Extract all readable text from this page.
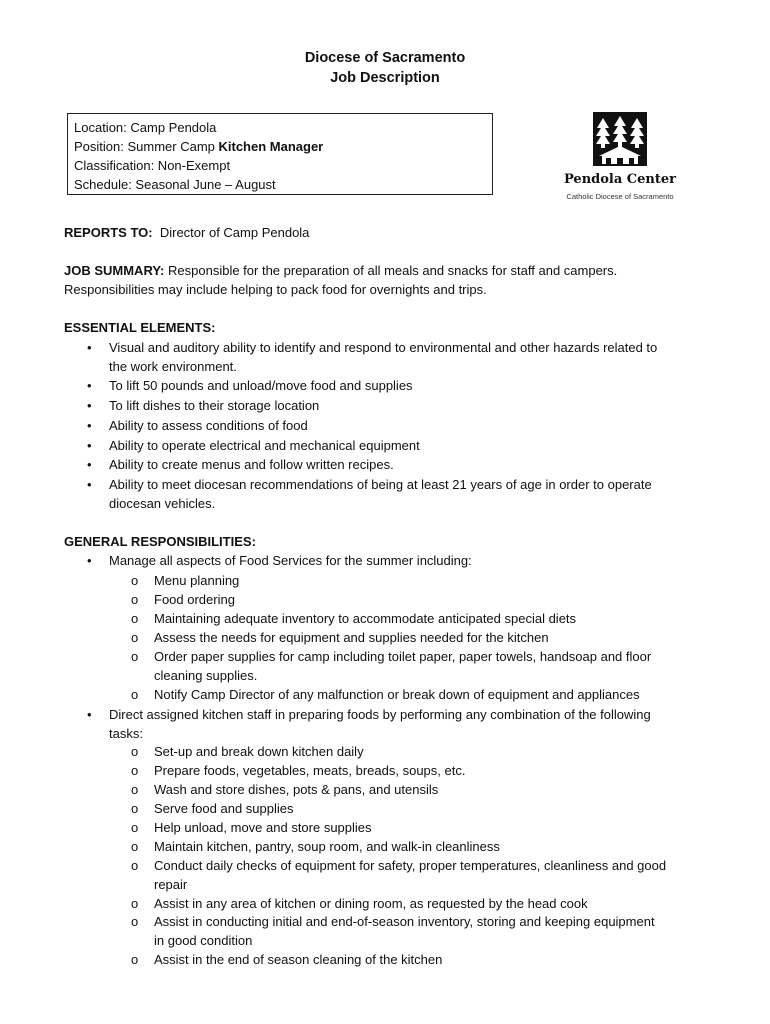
Diocese of Sacramento
Job Description
Location: Camp Pendola
Position: Summer Camp Kitchen Manager
Classification: Non-Exempt
Schedule: Seasonal June – August	Pendola Center
Catholic Diocese of Sacramento
REPORTS TO: Director of Camp Pendola
JOB SUMMARY: Responsible for the preparation of all meals and snacks for staff and campers.
Responsibilities may include helping to pack food for overnights and trips.
ESSENTIAL ELEMENTS:
• Visual and auditory ability to identify and respond to environmental and other hazards related to
the work environment.
• To lift 50 pounds and unload/move food and supplies
• To lift dishes to their storage location
• Ability to assess conditions of food
• Ability to operate electrical and mechanical equipment
• Ability to create menus and follow written recipes.
• Ability to meet diocesan recommendations of being at least 21 years of age in order to operate
diocesan vehicles.
GENERAL RESPONSIBILITIES:
• Manage all aspects of Food Services for the summer including:
o Menu planning
o Food ordering
o Maintaining adequate inventory to accommodate anticipated special diets
o Assess the needs for equipment and supplies needed for the kitchen
o Order paper supplies for camp including toilet paper, paper towels, handsoap and floor
cleaning supplies.
o Notify Camp Director of any malfunction or break down of equipment and appliances
• Direct assigned kitchen staff in preparing foods by performing any combination of the following
tasks:
o Set-up and break down kitchen daily
o Prepare foods, vegetables, meats, breads, soups, etc.
o Wash and store dishes, pots & pans, and utensils
o Serve food and supplies
o Help unload, move and store supplies
o Maintain kitchen, pantry, soup room, and walk-in cleanliness
o Conduct daily checks of equipment for safety, proper temperatures, cleanliness and good
repair
o Assist in any area of kitchen or dining room, as requested by the head cook
o Assist in conducting initial and end-of-season inventory, storing and keeping equipment
in good condition
o Assist in the end of season cleaning of the kitchen
